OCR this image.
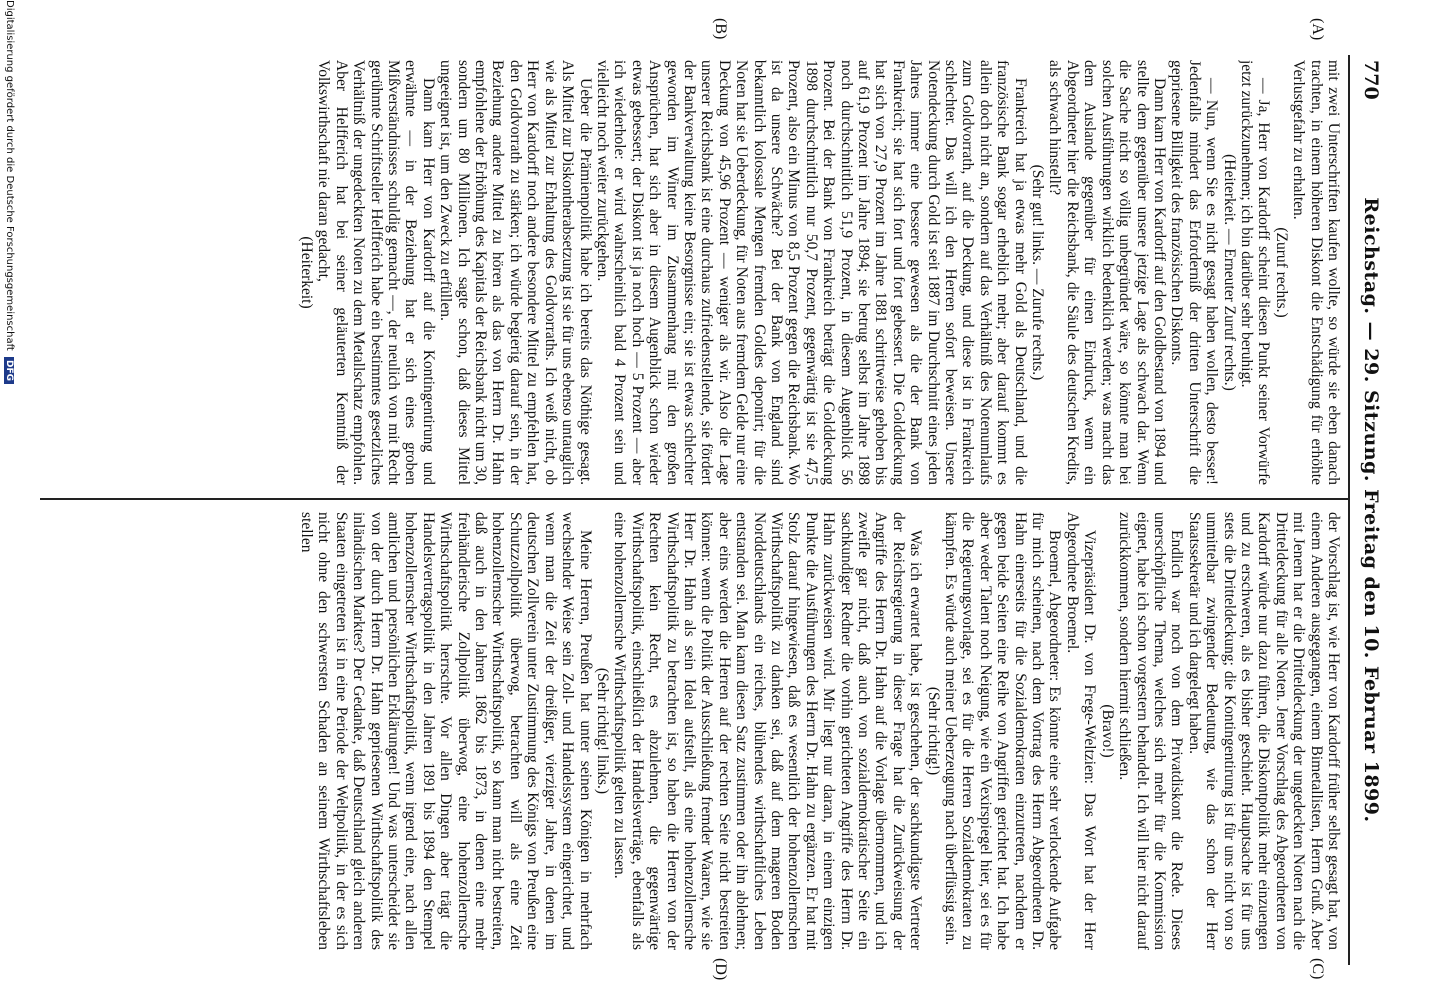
770
Reichstag. — 29. Sitzung. Freitag den 10. Februar 1899.
(A)
(B)
(C)
(D)

mit zwei Unterschriften kaufen wollte, so würde sie eben danach trachten, in einem höheren Diskont die Entschädigung für erhöhte Verlustgefahr zu erhalten.

(Zuruf rechts.)

— Ja, Herr von Kardorff scheint diesen Punkt seiner Vorwürfe jetzt zurückzunehmen; ich bin darüber sehr beruhigt.

(Heiterkeit. — Erneuter Zuruf rechts.)

— Nun, wenn Sie es nicht gesagt haben wollen, desto besser! Jedenfalls mindert das Erforderniß der dritten Unterschrift die gepriesene Billigkeit des französischen Diskonts.

Dann kam Herr von Kardorff auf den Goldbestand von 1894 und stellte dem gegenüber unsere jetzige Lage als schwach dar. Wenn die Sache nicht so völlig unbegründet wäre, so könnte man bei solchen Ausführungen wirklich bedenklich werden; was macht das dem Auslande gegenüber für einen Eindruck, wenn ein Abgeordneter hier die Reichsbank, die Säule des deutschen Kredits, als schwach hinstellt?

(Sehr gut! links. — Zurufe rechts.)

Frankreich hat ja etwas mehr Gold als Deutschland, und die französische Bank sogar erheblich mehr; aber darauf kommt es allein doch nicht an, sondern auf das Verhältniß des Notenumlaufs zum Goldvorrath, auf die Deckung, und diese ist in Frankreich schlechter. Das will ich den Herren sofort beweisen. Unsere Notendeckung durch Gold ist seit 1887 im Durchschnitt eines jeden Jahres immer eine bessere gewesen als die der Bank von Frankreich; sie hat sich fort und fort gebessert. Die Golddeckung hat sich von 27,9 Prozent im Jahre 1881 schrittweise gehoben bis auf 61,9 Prozent im Jahre 1894; sie betrug selbst im Jahre 1898 noch durchschnittlich 51,9 Prozent, in diesem Augenblick 56 Prozent. Bei der Bank von Frankreich beträgt die Golddeckung 1898 durchschnittlich nur 50,7 Prozent, gegenwärtig ist sie 47,5 Prozent, also ein Minus von 8,5 Prozent gegen die Reichsbank. Wo ist da unsere Schwäche? Bei der Bank von England sind bekanntlich kolossale Mengen fremden Goldes deponirt; für die Noten hat sie Ueberdeckung, für Noten aus fremdem Gelde nur eine Deckung von 45,96 Prozent — weniger als wir. Also die Lage unserer Reichsbank ist eine durchaus zufriedenstellende, sie fördert der Bankverwaltung keine Besorgnisse ein; sie ist etwas schlechter geworden im Winter im Zusammenhang mit den großen Ansprüchen, hat sich aber in diesem Augenblick schon wieder etwas gebessert; der Diskont ist ja noch hoch — 5 Prozent — aber ich wiederhole: er wird wahrscheinlich bald 4 Prozent sein und vielleicht noch weiter zurückgehen.

Ueber die Prämienpolitik habe ich bereits das Nöthige gesagt. Als Mittel zur Diskontherabsetzung ist sie für uns ebenso untauglich wie als Mittel zur Erhaltung des Goldvorraths. Ich weiß nicht, ob Herr von Kardorff noch andere besondere Mittel zu empfehlen hat, den Goldvorrath zu stärken; ich würde begierig darauf sein, in der Beziehung andere Mittel zu hören als das von Herrn Dr. Hahn empfohlene der Erhöhung des Kapitals der Reichsbank nicht um 30, sondern um 80 Millionen. Ich sagte schon, daß dieses Mittel ungeeignet ist, um den Zweck zu erfüllen.

Dann kam Herr von Kardorff auf die Kontingentirung und erwähnte — in der Beziehung hat er sich eines groben Mißverständnisses schuldig gemacht —, der neulich von mit Recht gerühmte Schriftsteller Helfferich habe ein bestimmtes gesetzliches Verhältniß der ungedeckten Noten zu dem Metallschatz empfohlen. Aber Helfferich hat bei seiner geläuterten Kenntniß der Volkswirthschaft nie daran gedacht,

(Heiterkeit)

der Vorschlag ist, wie Herr von Kardorff früher selbst gesagt hat, von einem Anderen ausgegangen, einem Bimetallisten, Herrn Gruß. Aber mit Jenem hat er die Dritteldeckung der ungedeckten Noten nach die Dritteldeckung für alle Noten. Jener Vorschlag des Abgeordneten von Kardorff würde nur dazu führen, die Diskontpolitik mehr einzuengen und zu erschweren, als es bisher geschieht. Hauptsache ist für uns stets die Dritteldeckung; die Kontingentirung ist für uns nicht von so unmittelbar zwingender Bedeutung, wie das schon der Herr Staatssekretär und ich dargelegt haben.

Endlich war noch von dem Privatdiskont die Rede. Dieses unerschöpfliche Thema, welches sich mehr für die Kommission eignet, habe ich schon vorgestern behandelt. Ich will hier nicht darauf zurückkommen, sondern hiermit schließen.

(Bravo!)

Vizepräsident Dr. von Frege-Weltzien: Das Wort hat der Herr Abgeordnete Broemel.

Broemel, Abgeordneter: Es könnte eine sehr verlockende Aufgabe für mich scheinen, nach dem Vortrag des Herrn Abgeordneten Dr. Hahn einerseits für die Sozialdemokraten einzutreten, nachdem er gegen beide Seiten eine Reihe von Angriffen gerichtet hat. Ich habe aber weder Talent noch Neigung, wie ein Vexirspiegel hier, sei es für die Regierungsvorlage, sei es für die Herren Sozialdemokraten zu kämpfen. Es würde auch meiner Ueberzeugung nach überflüssig sein.

(Sehr richtig!)

Was ich erwartet habe, ist geschehen, der sachkundigste Vertreter der Reichsregierung in dieser Frage hat die Zurückweisung der Angriffe des Herrn Dr. Hahn auf die Vorlage übernommen, und ich zweifle gar nicht, daß auch von sozialdemokratischer Seite ein sachkundiger Redner die vorhin gerichteten Angriffe des Herrn Dr. Hahn zurückweisen wird. Mir liegt nur daran, in einem einzigen Punkte die Ausführungen des Herrn Dr. Hahn zu ergänzen. Er hat mit Stolz darauf hingewiesen, daß es wesentlich der hohenzollernschen Wirthschaftspolitik zu danken sei, daß auf dem mageren Boden Norddeutschlands ein reiches, blühendes wirthschaftliches Leben entstanden sei. Man kann diesen Satz zustimmen oder ihn ablehnen; aber eins werden die Herren auf der rechten Seite nicht bestreiten können: wenn die Politik der Ausschließung fremder Waaren, wie sie Herr Dr. Hahn als sein Ideal aufstellt, als eine hohenzollernsche Wirthschaftspolitik zu betrachten ist, so haben die Herren von der Rechten kein Recht, es abzulehnen, die gegenwärtige Wirthschaftspolitik, einschließlich der Handelsverträge, ebenfalls als eine hohenzollernsche Wirthschaftspolitik gelten zu lassen.

(Sehr richtig! links.)

Meine Herren, Preußen hat unter seinen Königen in mehrfach wechselnder Weise sein Zoll- und Handelssystem eingerichtet, und wenn man die Zeit der dreißiger, vierziger Jahre, in denen im deutschen Zollverein unter Zustimmung des Königs von Preußen eine Schutzzollpolitik überwog, betrachten will als eine Zeit hohenzollernscher Wirthschaftspolitik, so kann man nicht bestreiten, daß auch in den Jahren 1862 bis 1873, in denen eine mehr freihändlerische Zollpolitik überwog, eine hohenzollernsche Wirthschaftspolitik herrschte. Vor allen Dingen aber trägt die Handelsvertragspolitik in den Jahren 1891 bis 1894 den Stempel hohenzollernscher Wirthschaftspolitik, wenn irgend eine, nach allen amtlichen und persönlichen Erklärungen! Und was unterscheidet sie von der durch Herrn Dr. Hahn gepriesenen Wirthschaftspolitik des inländischen Marktes? Der Gedanke, daß Deutschland gleich anderen Staaten eingetreten ist in eine Periode der Weltpolitik, in der es sich nicht ohne den schwersten Schaden an seinem Wirthschaftsleben stellen

Digitalisierung gefördert durch die Deutsche Forschungsgemeinschaft DFG
